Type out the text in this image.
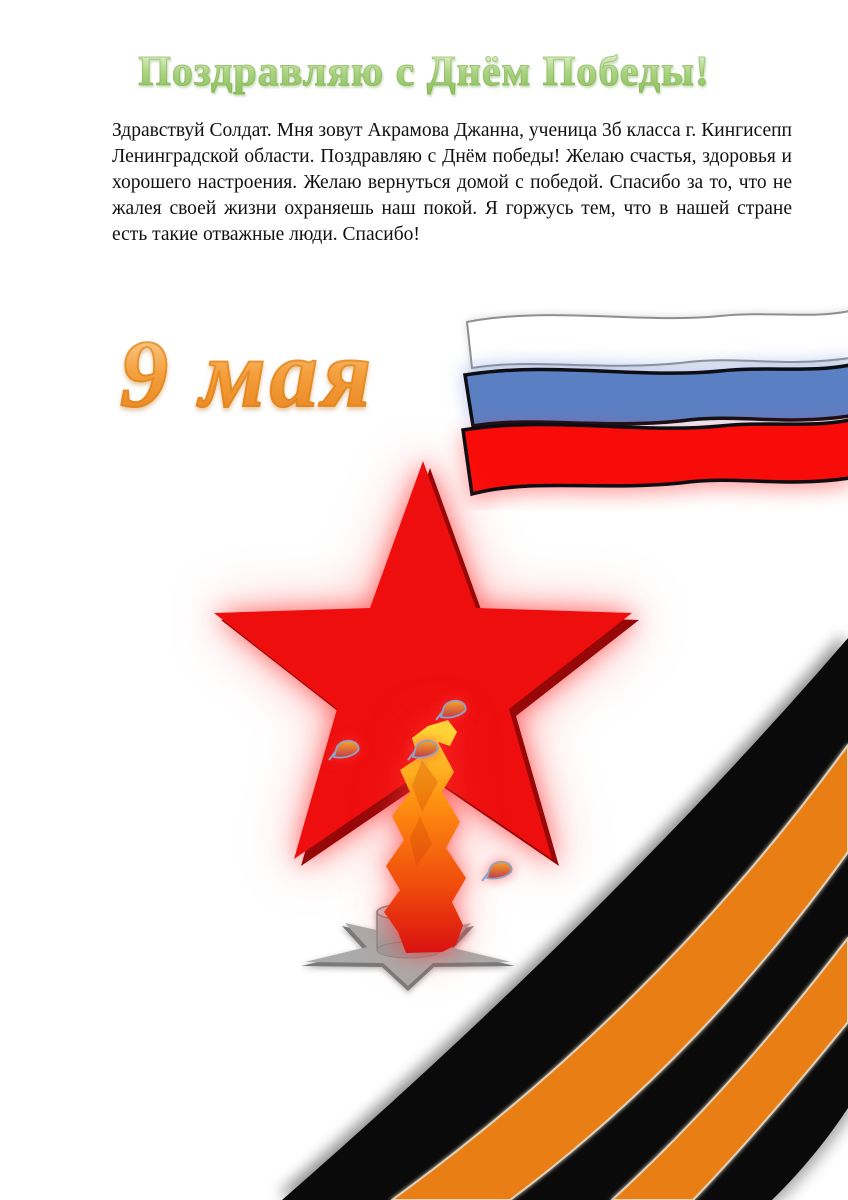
Поздравляю с Днём Победы!

Здравствуй Солдат. Мня зовут Акрамова Джанна, ученица 3б класса г. Кингисепп Ленинградской области. Поздравляю с Днём победы! Желаю счастья, здоровья и хорошего настроения. Желаю вернуться домой с победой. Спасибо за то, что не жалея своей жизни охраняешь наш покой. Я горжусь тем, что в нашей стране есть такие отважные люди. Спасибо!

9 мая
